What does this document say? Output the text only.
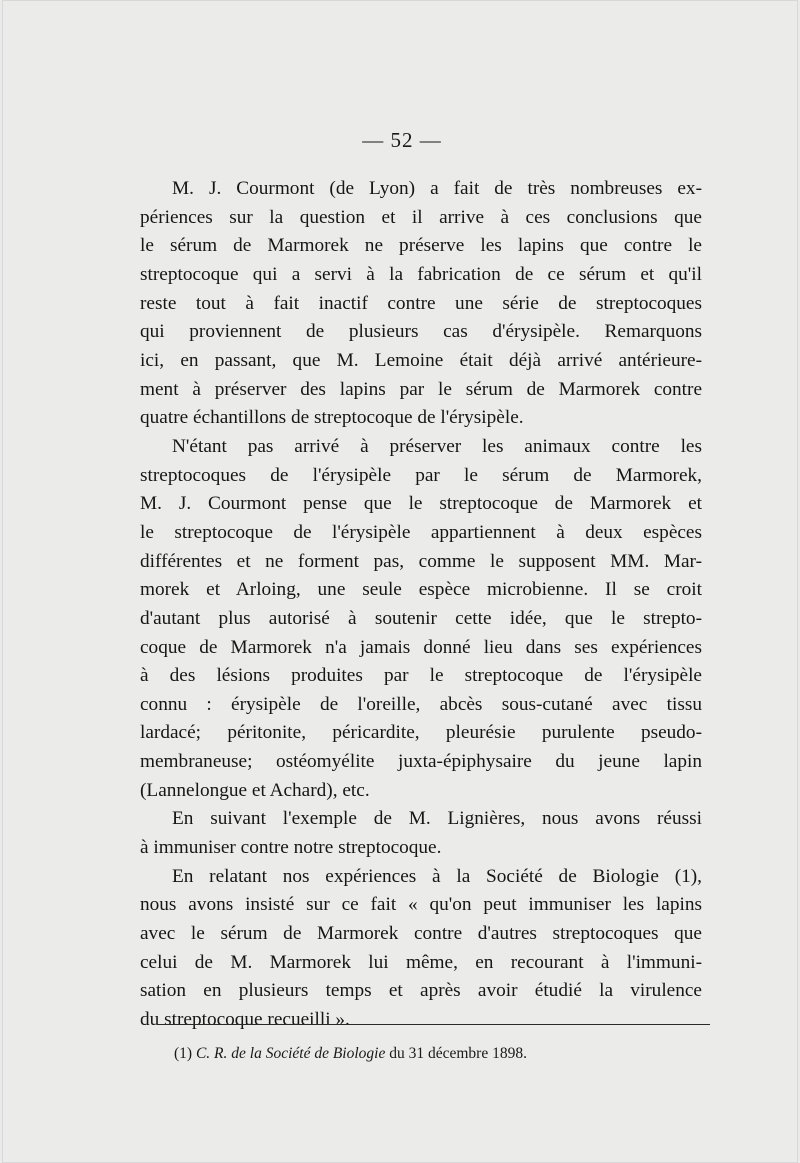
— 52 —
M. J. Courmont (de Lyon) a fait de très nombreuses ex-
périences sur la question et il arrive à ces conclusions que
le sérum de Marmorek ne préserve les lapins que contre le
streptocoque qui a servi à la fabrication de ce sérum et qu'il
reste tout à fait inactif contre une série de streptocoques
qui proviennent de plusieurs cas d'érysipèle. Remarquons
ici, en passant, que M. Lemoine était déjà arrivé antérieure-
ment à préserver des lapins par le sérum de Marmorek contre
quatre échantillons de streptocoque de l'érysipèle.
N'étant pas arrivé à préserver les animaux contre les
streptocoques de l'érysipèle par le sérum de Marmorek,
M. J. Courmont pense que le streptocoque de Marmorek et
le streptocoque de l'érysipèle appartiennent à deux espèces
différentes et ne forment pas, comme le supposent MM. Mar-
morek et Arloing, une seule espèce microbienne. Il se croit
d'autant plus autorisé à soutenir cette idée, que le strepto-
coque de Marmorek n'a jamais donné lieu dans ses expériences
à des lésions produites par le streptocoque de l'érysipèle
connu : érysipèle de l'oreille, abcès sous-cutané avec tissu
lardacé; péritonite, péricardite, pleurésie purulente pseudo-
membraneuse; ostéomyélite juxta-épiphysaire du jeune lapin
(Lannelongue et Achard), etc.
En suivant l'exemple de M. Lignières, nous avons réussi
à immuniser contre notre streptocoque.
En relatant nos expériences à la Société de Biologie (1),
nous avons insisté sur ce fait « qu'on peut immuniser les lapins
avec le sérum de Marmorek contre d'autres streptocoques que
celui de M. Marmorek lui même, en recourant à l'immuni-
sation en plusieurs temps et après avoir étudié la virulence
du streptocoque recueilli ».
(1) C. R. de la Société de Biologie du 31 décembre 1898.
